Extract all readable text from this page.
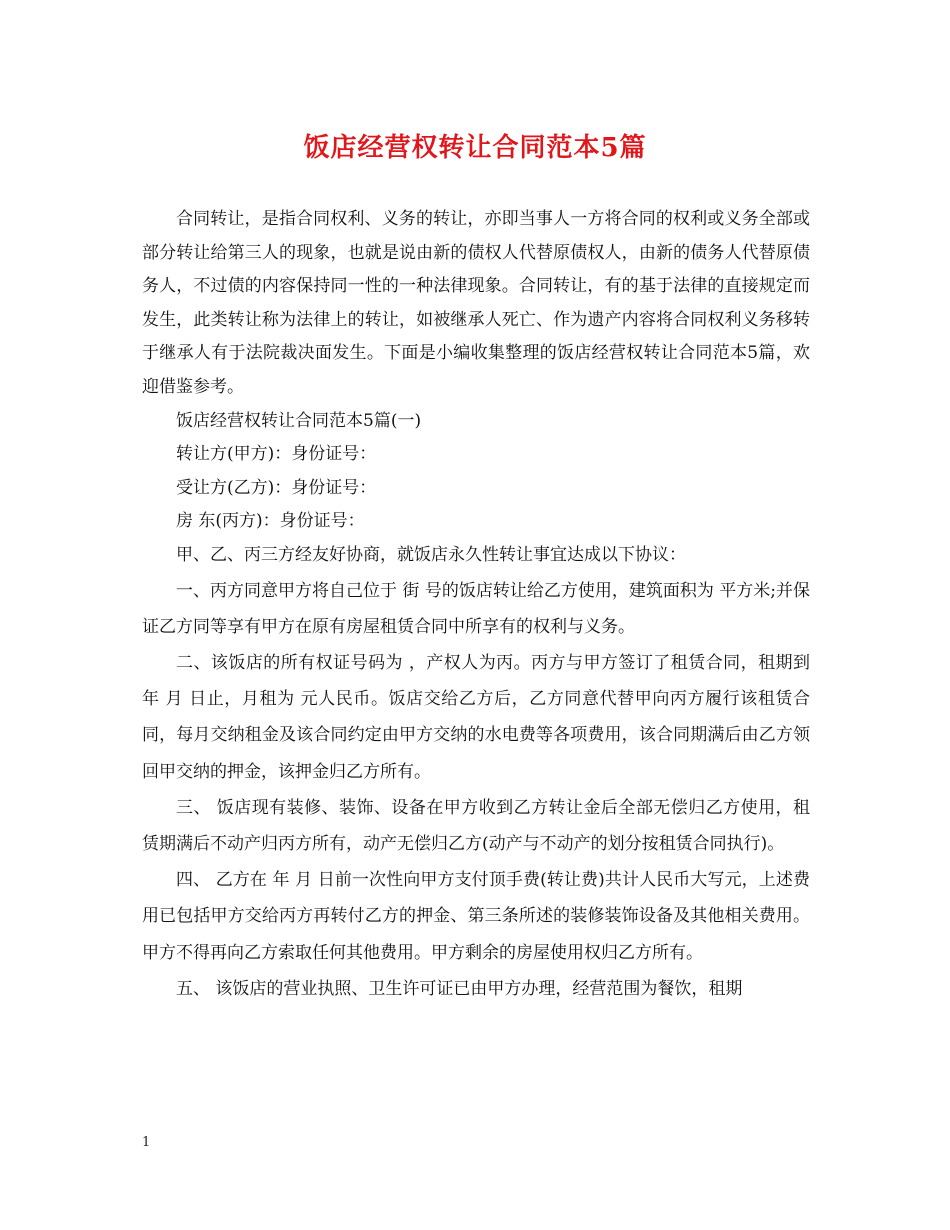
饭店经营权转让合同范本5篇

合同转让，是指合同权利、义务的转让，亦即当事人一方将合同的权利或义务全部或部分转让给第三人的现象，也就是说由新的债权人代替原债权人，由新的债务人代替原债务人，不过债的内容保持同一性的一种法律现象。合同转让，有的基于法律的直接规定而发生，此类转让称为法律上的转让，如被继承人死亡、作为遗产内容将合同权利义务移转于继承人有于法院裁决面发生。下面是小编收集整理的饭店经营权转让合同范本5篇，欢迎借鉴参考。

饭店经营权转让合同范本5篇(一)

转让方(甲方)：身份证号：

受让方(乙方)：身份证号：

房 东(丙方)：身份证号：

甲、乙、丙三方经友好协商，就饭店永久性转让事宜达成以下协议：

一、丙方同意甲方将自己位于 街 号的饭店转让给乙方使用，建筑面积为 平方米;并保证乙方同等享有甲方在原有房屋租赁合同中所享有的权利与义务。

二、该饭店的所有权证号码为 ，产权人为丙。丙方与甲方签订了租赁合同，租期到 年 月 日止，月租为 元人民币。饭店交给乙方后，乙方同意代替甲向丙方履行该租赁合同，每月交纳租金及该合同约定由甲方交纳的水电费等各项费用，该合同期满后由乙方领回甲交纳的押金，该押金归乙方所有。

三、 饭店现有装修、装饰、设备在甲方收到乙方转让金后全部无偿归乙方使用，租赁期满后不动产归丙方所有，动产无偿归乙方(动产与不动产的划分按租赁合同执行)。

四、 乙方在 年 月 日前一次性向甲方支付顶手费(转让费)共计人民币大写元，上述费用已包括甲方交给丙方再转付乙方的押金、第三条所述的装修装饰设备及其他相关费用。甲方不得再向乙方索取任何其他费用。甲方剩余的房屋使用权归乙方所有。

五、 该饭店的营业执照、卫生许可证已由甲方办理，经营范围为餐饮，租期

1
